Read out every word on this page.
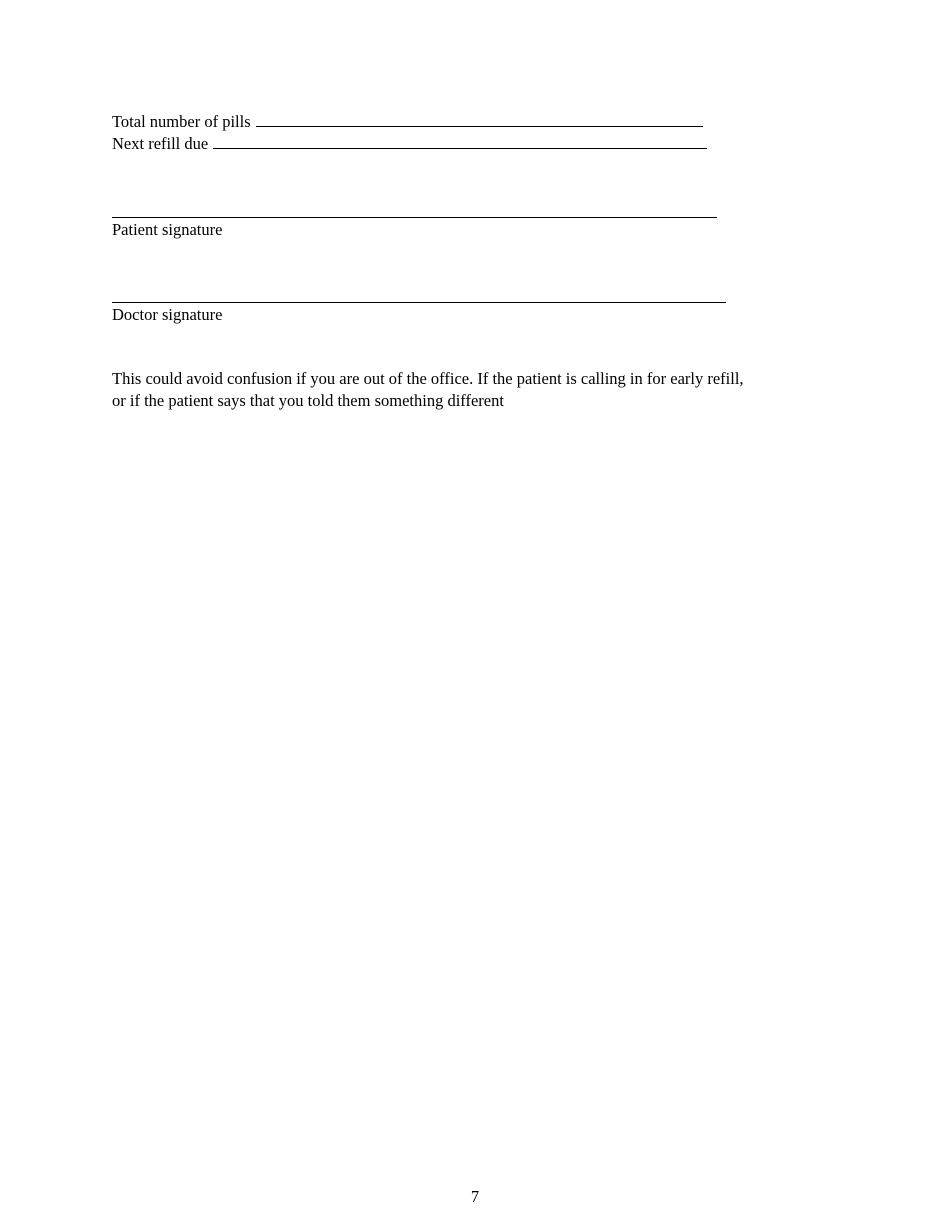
Total number of pills
Next refill due
Patient signature
Doctor signature
This could avoid confusion if you are out of the office. If the patient is calling in for early refill,
or if the patient says that you told them something different
7
